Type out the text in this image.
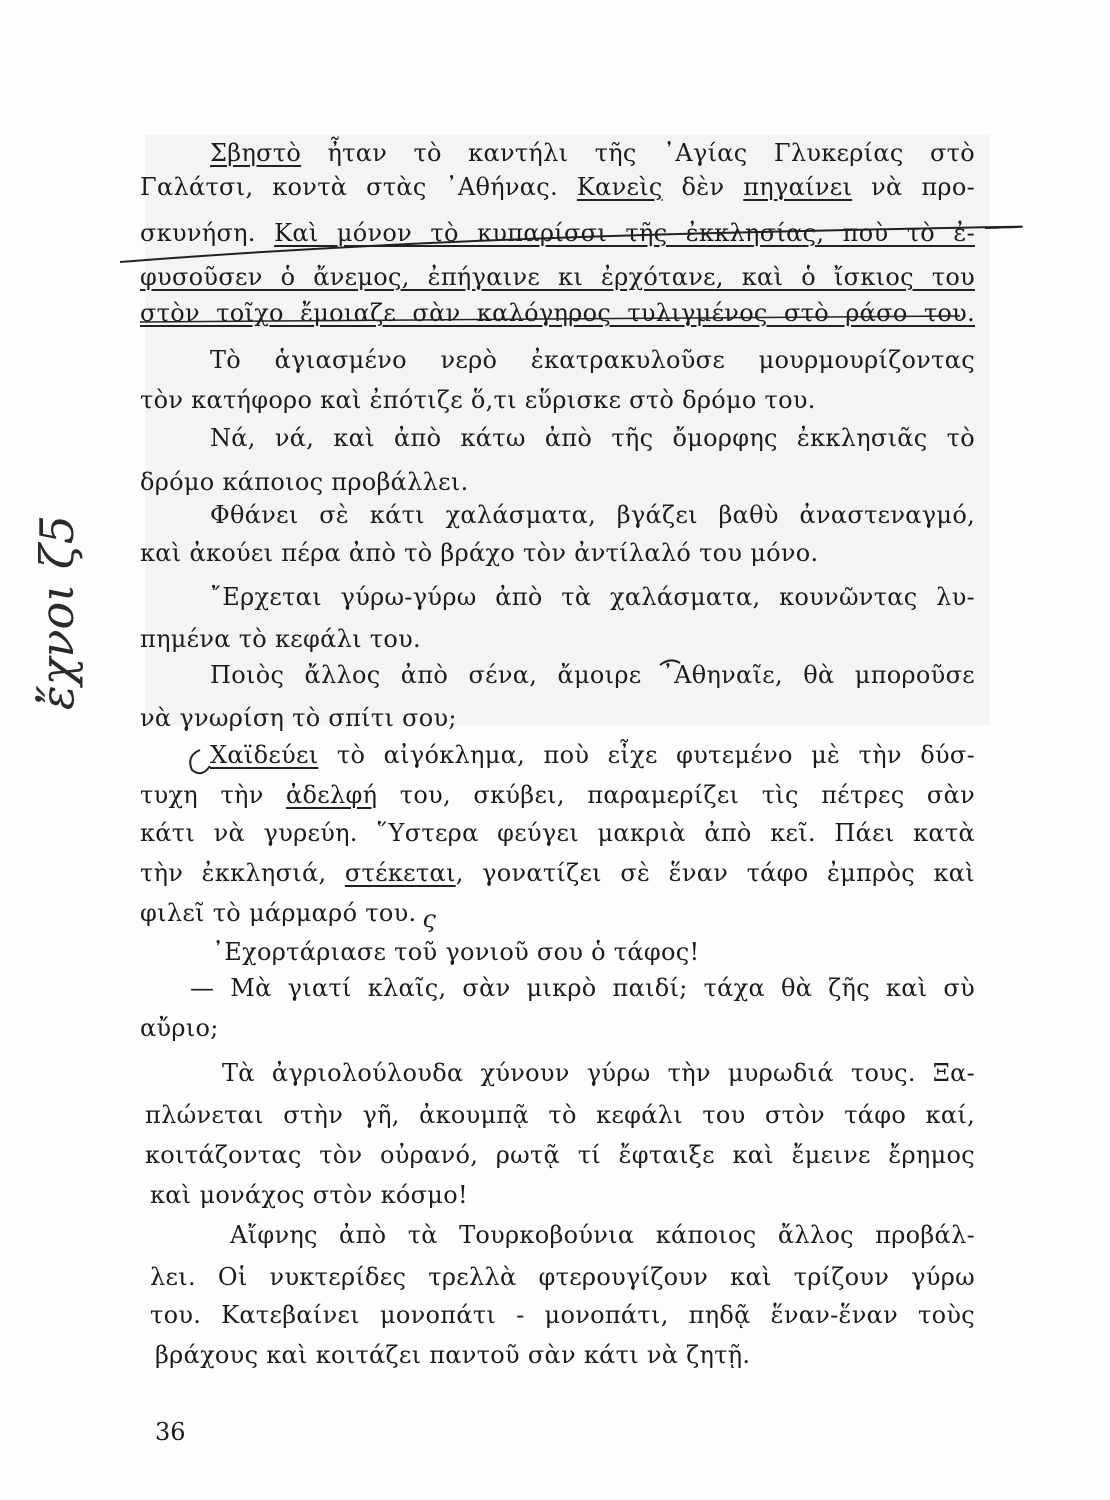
Σβηστὸ ἦταν τὸ καντήλι τῆς ᾿Αγίας Γλυκερίας στὸ
Γαλάτσι, κοντὰ στὰς ᾿Αθήνας. Κανεὶς δὲν πηγαίνει νὰ προ-
σκυνήση. Καὶ μόνον τὸ κυπαρίσσι τῆς ἐκκλησίας, ποὺ τὸ ἐ-
φυσοῦσεν ὁ ἄνεμος, ἐπήγαινε κι ἐρχότανε, καὶ ὁ ἴσκιος του
στὸν τοῖχο ἔμοιαζε σὰν καλόγηρος τυλιγμένος στὸ ράσο του.
Τὸ ἁγιασμένο νερὸ ἐκατρακυλοῦσε μουρμουρίζοντας
τὸν κατήφορο καὶ ἐπότιζε ὅ,τι εὕρισκε στὸ δρόμο του.
Νά, νά, καὶ ἀπὸ κάτω ἀπὸ τῆς ὄμορφης ἐκκλησιᾶς τὸ
δρόμο κάποιος προβάλλει.
Φθάνει σὲ κάτι χαλάσματα, βγάζει βαθὺ ἀναστεναγμό,
καὶ ἀκούει πέρα ἀπὸ τὸ βράχο τὸν ἀντίλαλό του μόνο.
῎Ερχεται γύρω-γύρω ἀπὸ τὰ χαλάσματα, κουνῶντας λυ-
πημένα τὸ κεφάλι του.
Ποιὸς ἄλλος ἀπὸ σένα, ἄμοιρε ᾿Αθηναῖε, θὰ μποροῦσε
νὰ γνωρίση τὸ σπίτι σου;
Χαϊδεύει τὸ αἰγόκλημα, ποὺ εἶχε φυτεμένο μὲ τὴν δύσ-
τυχη τὴν ἀδελφή του, σκύβει, παραμερίζει τὶς πέτρες σὰν
κάτι νὰ γυρεύη. ῞Υστερα φεύγει μακριὰ ἀπὸ κεῖ. Πάει κατὰ
τὴν ἐκκλησιά, στέκεται, γονατίζει σὲ ἕναν τάφο ἐμπρὸς καὶ
φιλεῖ τὸ μάρμαρό του. ς
᾿Εχορτάριασε τοῦ γονιοῦ σου ὁ τάφος!
— Μὰ γιατί κλαῖς, σὰν μικρὸ παιδί; τάχα θὰ ζῆς καὶ σὺ
αὔριο;
Τὰ ἀγριολούλουδα χύνουν γύρω τὴν μυρωδιά τους. Ξα-
πλώνεται στὴν γῆ, ἀκουμπᾷ τὸ κεφάλι του στὸν τάφο καί,
κοιτάζοντας τὸν οὐρανό, ρωτᾷ τί ἔφταιξε καὶ ἔμεινε ἔρημος
καὶ μονάχος στὸν κόσμο!
Αἴφνης ἀπὸ τὰ Τουρκοβούνια κάποιος ἄλλος προβάλ-
λει. Οἱ νυκτερίδες τρελλὰ φτερουγίζουν καὶ τρίζουν γύρω
του. Κατεβαίνει μονοπάτι - μονοπάτι, πηδᾷ ἕναν-ἕναν τοὺς
βράχους καὶ κοιτάζει παντοῦ σὰν κάτι νὰ ζητῇ.
ἔχνοι ζ5
36
